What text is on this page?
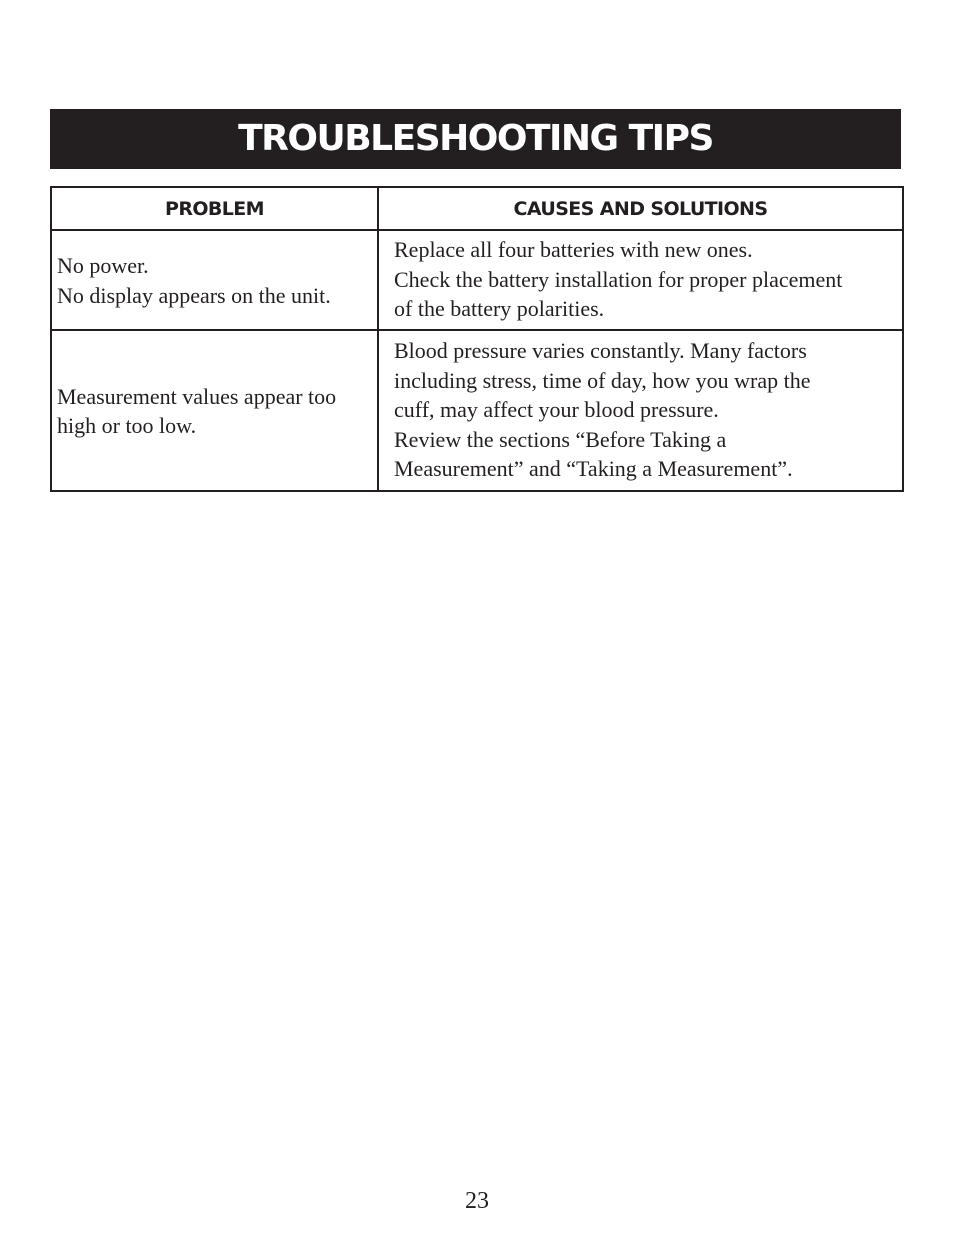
TROUBLESHOOTING TIPS
PROBLEM	CAUSES AND SOLUTIONS

No power.
No display appears on the unit.	Replace all four batteries with new ones.
Check the battery installation for proper placement
of the battery polarities.

Measurement values appear too
high or too low.	Blood pressure varies constantly. Many factors
including stress, time of day, how you wrap the
cuff, may affect your blood pressure.
Review the sections “Before Taking a
Measurement” and “Taking a Measurement”.
23
